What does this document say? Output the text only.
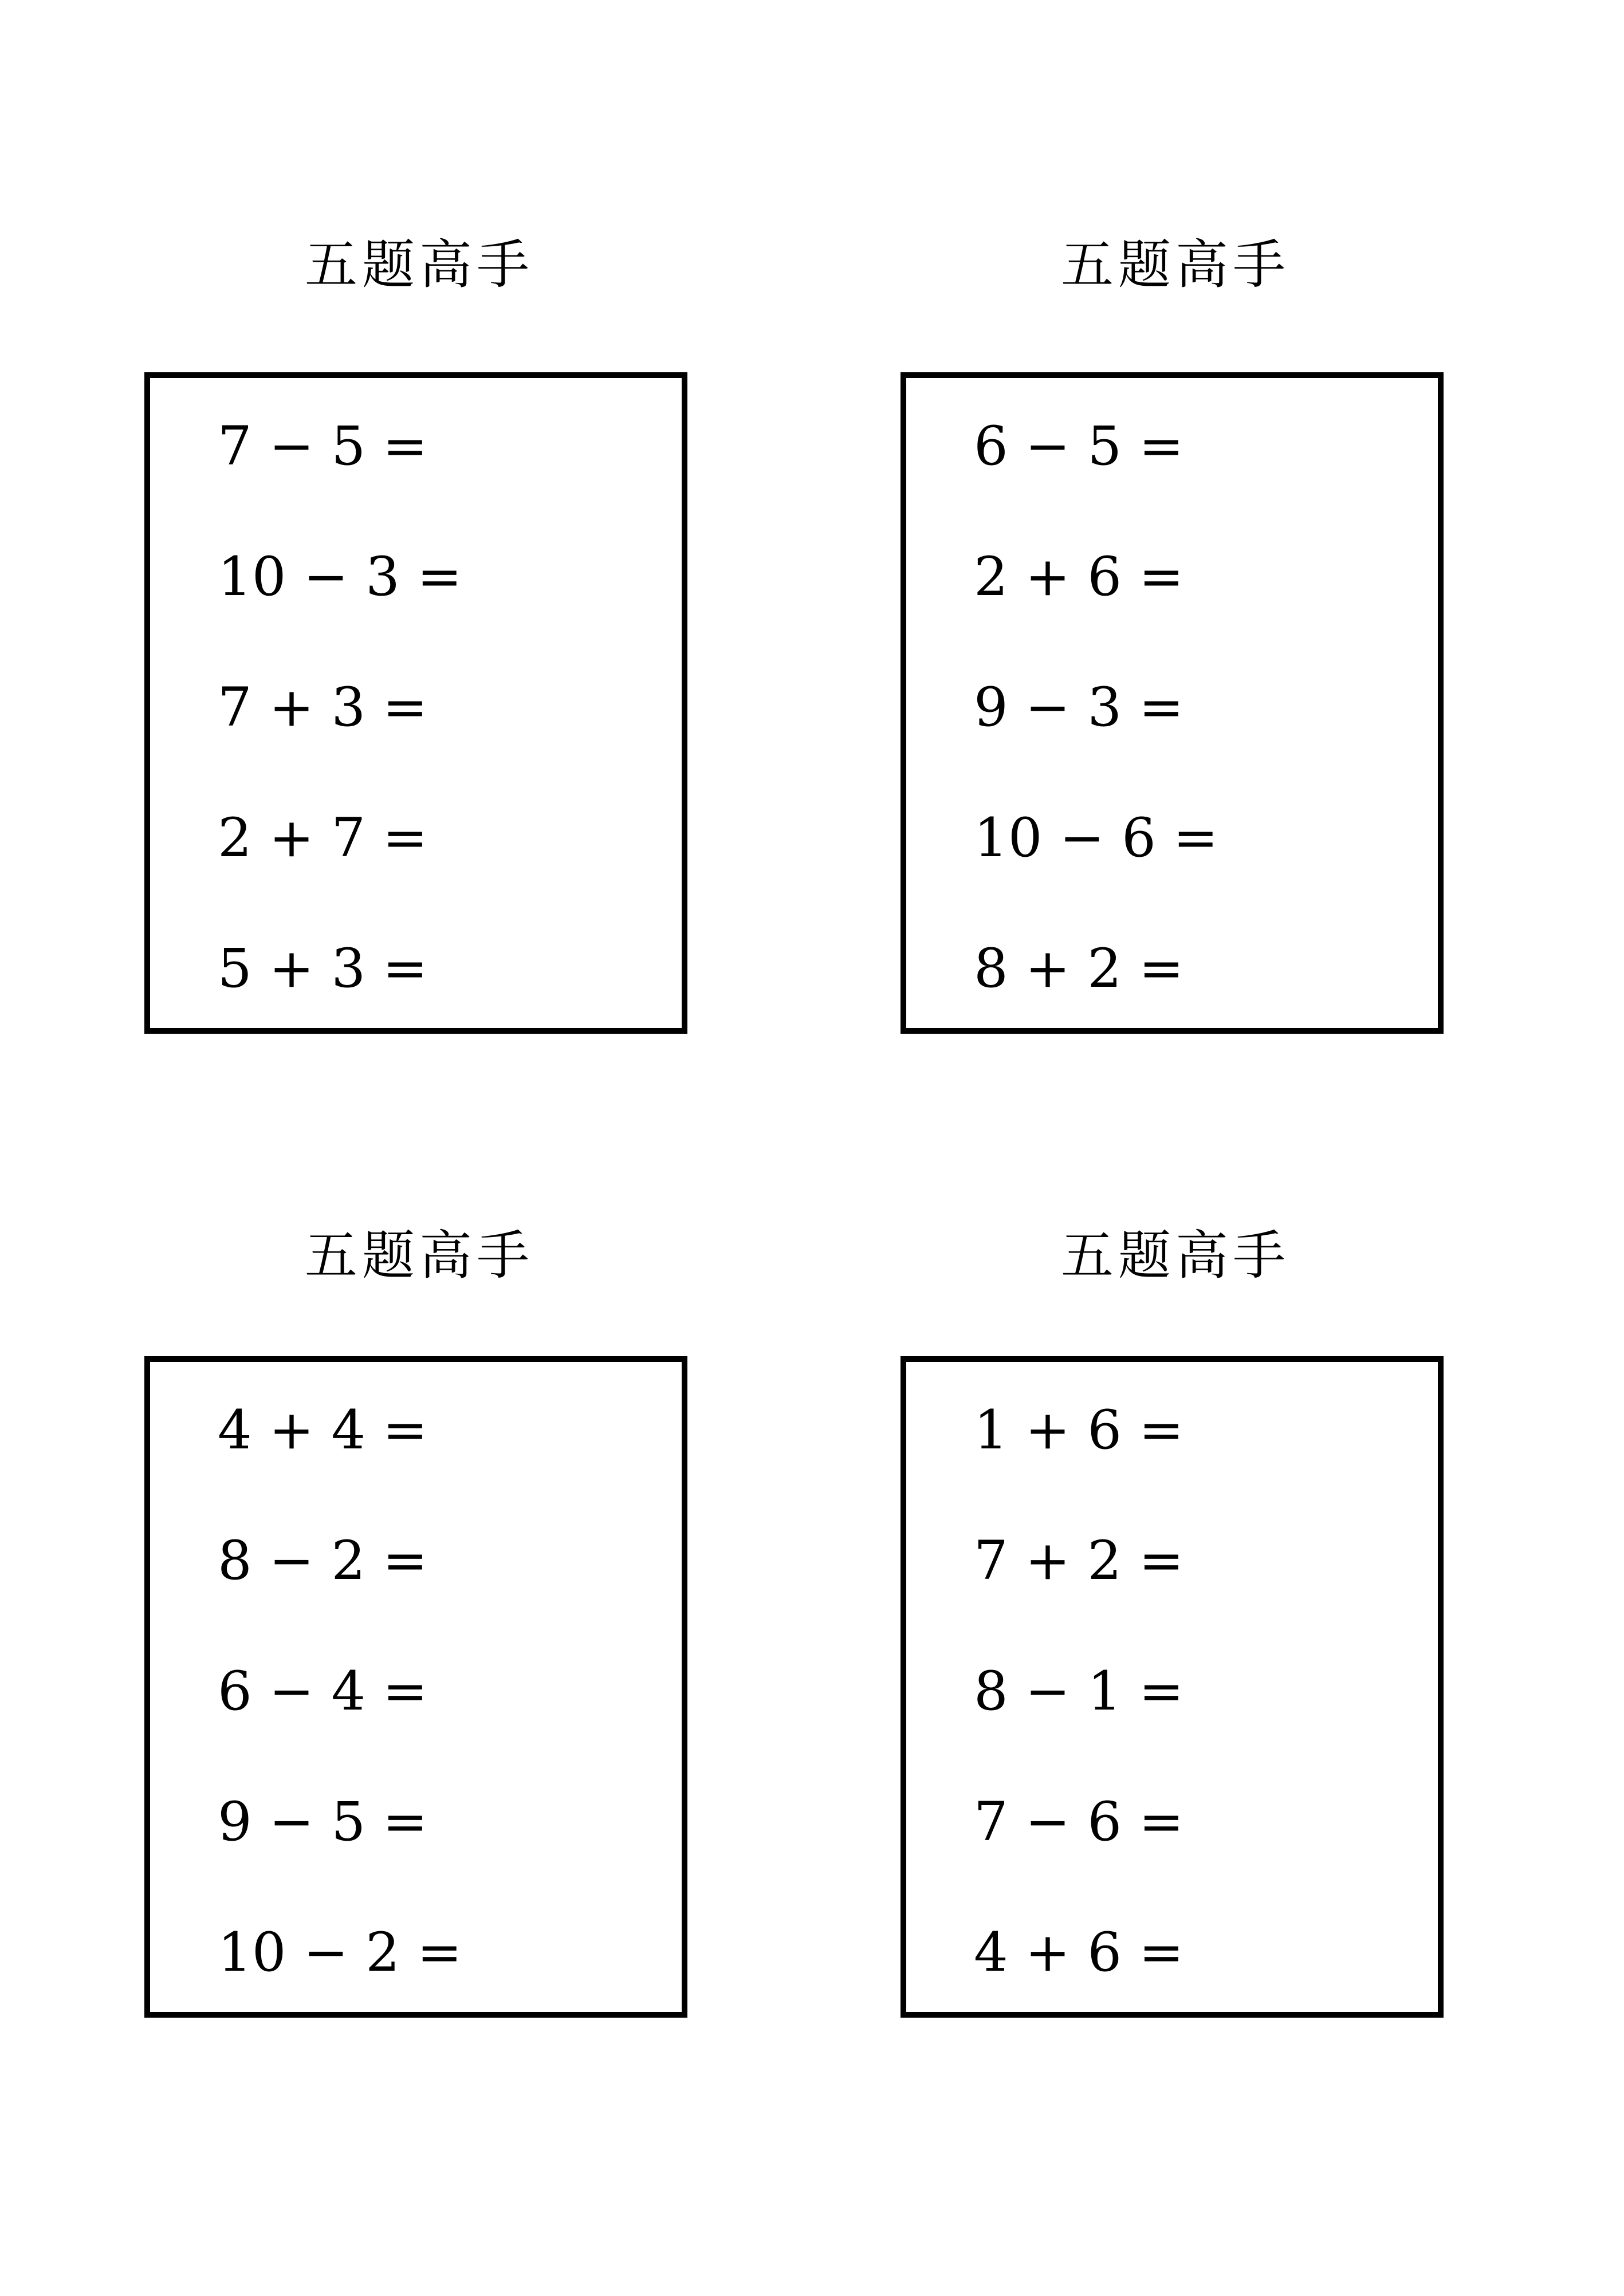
五题高手
7 − 5 =
10 − 3 =
7 + 3 =
2 + 7 =
5 + 3 =
五题高手
6 − 5 =
2 + 6 =
9 − 3 =
10 − 6 =
8 + 2 =
五题高手
4 + 4 =
8 − 2 =
6 − 4 =
9 − 5 =
10 − 2 =
五题高手
1 + 6 =
7 + 2 =
8 − 1 =
7 − 6 =
4 + 6 =
